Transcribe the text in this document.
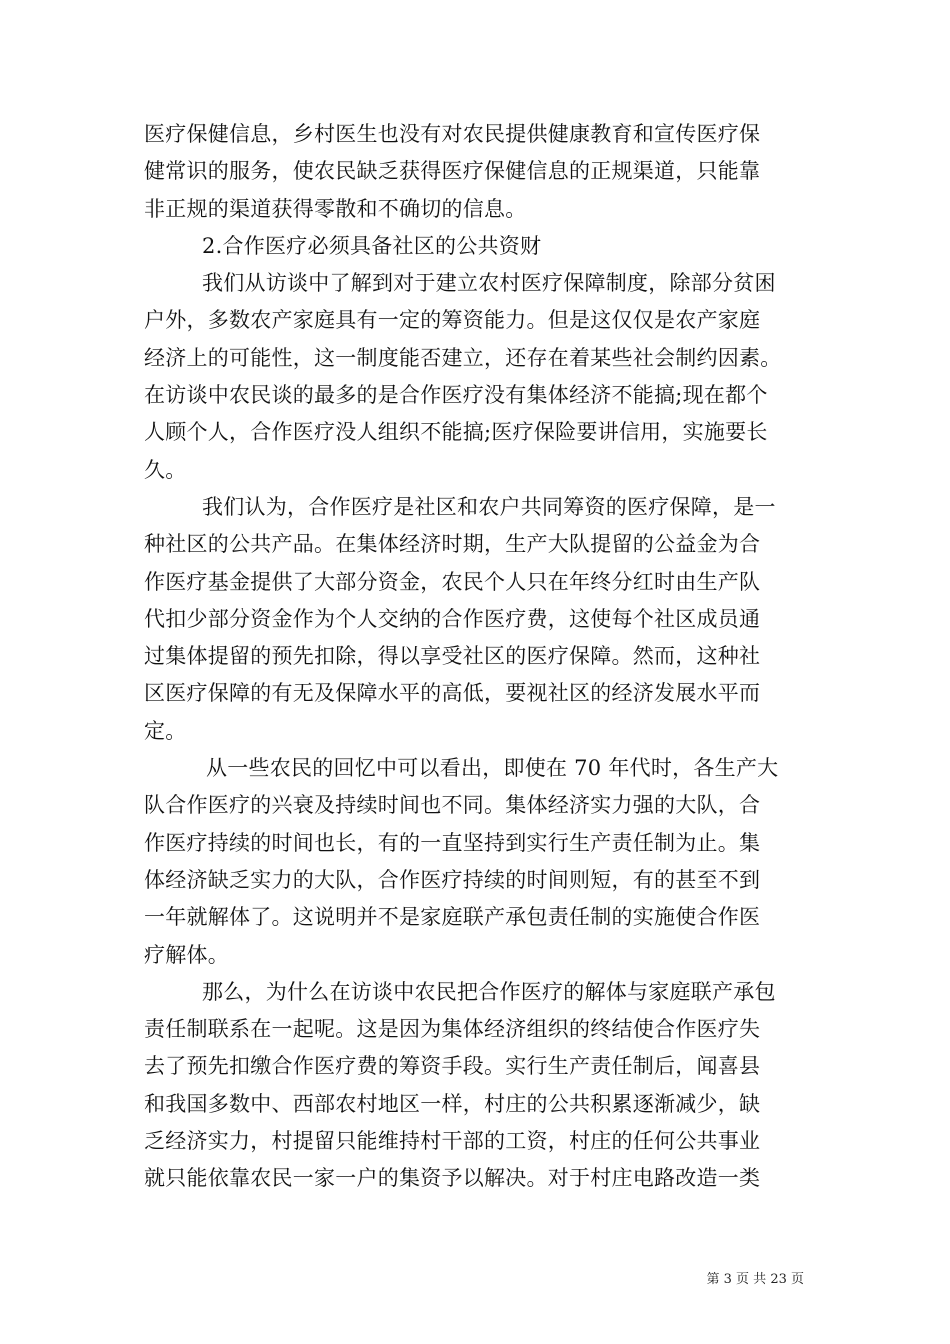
医疗保健信息，乡村医生也没有对农民提供健康教育和宣传医疗保
健常识的服务，使农民缺乏获得医疗保健信息的正规渠道，只能靠
非正规的渠道获得零散和不确切的信息。
2.合作医疗必须具备社区的公共资财
我们从访谈中了解到对于建立农村医疗保障制度，除部分贫困
户外，多数农产家庭具有一定的筹资能力。但是这仅仅是农产家庭
经济上的可能性，这一制度能否建立，还存在着某些社会制约因素。
在访谈中农民谈的最多的是合作医疗没有集体经济不能搞;现在都个
人顾个人，合作医疗没人组织不能搞;医疗保险要讲信用，实施要长
久。
我们认为，合作医疗是社区和农户共同筹资的医疗保障，是一
种社区的公共产品。在集体经济时期，生产大队提留的公益金为合
作医疗基金提供了大部分资金，农民个人只在年终分红时由生产队
代扣少部分资金作为个人交纳的合作医疗费，这使每个社区成员通
过集体提留的预先扣除，得以享受社区的医疗保障。然而，这种社
区医疗保障的有无及保障水平的高低，要视社区的经济发展水平而
定。
从一些农民的回忆中可以看出，即使在 70 年代时，各生产大
队合作医疗的兴衰及持续时间也不同。集体经济实力强的大队，合
作医疗持续的时间也长，有的一直坚持到实行生产责任制为止。集
体经济缺乏实力的大队，合作医疗持续的时间则短，有的甚至不到
一年就解体了。这说明并不是家庭联产承包责任制的实施使合作医
疗解体。
那么，为什么在访谈中农民把合作医疗的解体与家庭联产承包
责任制联系在一起呢。这是因为集体经济组织的终结使合作医疗失
去了预先扣缴合作医疗费的筹资手段。实行生产责任制后，闻喜县
和我国多数中、西部农村地区一样，村庄的公共积累逐渐减少，缺
乏经济实力，村提留只能维持村干部的工资，村庄的任何公共事业
就只能依靠农民一家一户的集资予以解决。对于村庄电路改造一类
第 3 页 共 23 页
